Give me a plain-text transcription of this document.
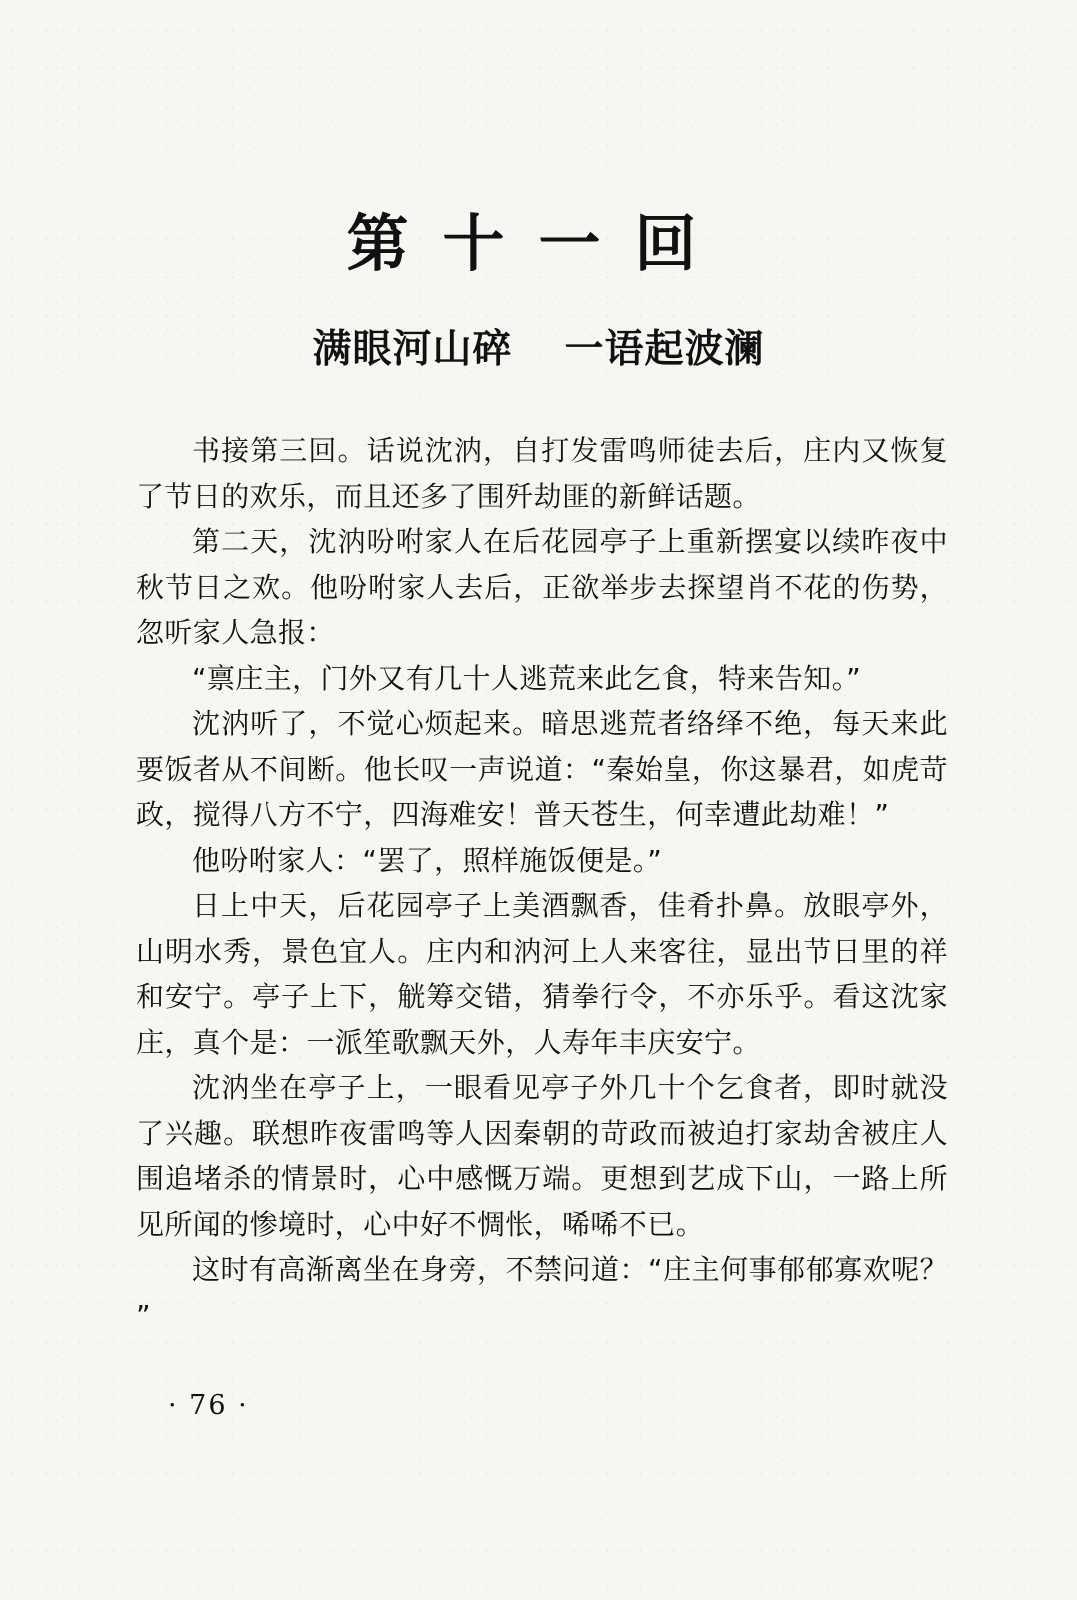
第十一回
满眼河山碎 一语起波澜

书接第三回。话说沈汭，自打发雷鸣师徒去后，庄内又恢复了节日的欢乐，而且还多了围歼劫匪的新鲜话题。

第二天，沈汭吩咐家人在后花园亭子上重新摆宴以续昨夜中秋节日之欢。他吩咐家人去后，正欲举步去探望肖不花的伤势，忽听家人急报：

“禀庄主，门外又有几十人逃荒来此乞食，特来告知。”

沈汭听了，不觉心烦起来。暗思逃荒者络绎不绝，每天来此要饭者从不间断。他长叹一声说道：“秦始皇，你这暴君，如虎苛政，搅得八方不宁，四海难安！普天苍生，何幸遭此劫难！”

他吩咐家人：“罢了，照样施饭便是。”

日上中天，后花园亭子上美酒飘香，佳肴扑鼻。放眼亭外，山明水秀，景色宜人。庄内和汭河上人来客往，显出节日里的祥和安宁。亭子上下，觥筹交错，猜拳行令，不亦乐乎。看这沈家庄，真个是：一派笙歌飘天外，人寿年丰庆安宁。

沈汭坐在亭子上，一眼看见亭子外几十个乞食者，即时就没了兴趣。联想昨夜雷鸣等人因秦朝的苛政而被迫打家劫舍被庄人围追堵杀的情景时，心中感慨万端。更想到艺成下山，一路上所见所闻的惨境时，心中好不惆怅，唏唏不已。

这时有高渐离坐在身旁，不禁问道：“庄主何事郁郁寡欢呢？”

· 76 ·
